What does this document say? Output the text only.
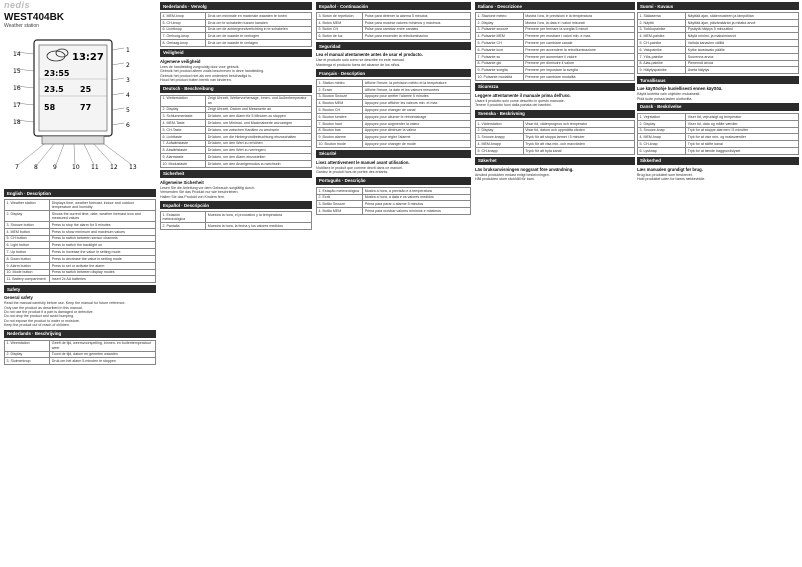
nedis
WEST404BK
Weather station
13:27
23:55
23.5 25
58	77
1
2
3
4
5
6
7	8	9	10 11 12 13
14
15
16
17
18
English · Description
1. Weather station	Displays time, weather forecast, indoor and outdoor temperature and humidity
2. Display	Shows the current time, date, weather forecast icon and measured values
3. Snooze button	Press to stop the alarm for 5 minutes
4. MEM button	Press to show minimum and maximum values
5. CH button	Press to switch between sensor channels
6. Light button	Press to switch the backlight on
7. Up button	Press to increase the value in setting mode
8. Down button	Press to decrease the value in setting mode
9. Alarm button	Press to set or activate the alarm
10. Mode button	Press to switch between display modes
11. Battery compartment	Insert 2x AA batteries
Safety

General safety

Read the manual carefully before use. Keep the manual for future reference.

Only use the product as described in this manual.

Do not use the product if a part is damaged or defective.

Do not drop the product and avoid bumping.

Do not expose the product to water or moisture.

Keep the product out of reach of children.

Nederlands · Beschrijving
1. Weerstation	Geeft de tijd, weersvoorspelling, binnen- en buitentemperatuur weer
2. Display	Toont de tijd, datum en gemeten waarden
3. Sluimerknop	Druk om het alarm 5 minuten te stoppen
Nederlands · Vervolg
4. MEM-knop	Druk om minimale en maximale waarden te tonen
5. CH-knop	Druk om te schakelen tussen kanalen
6. Lichtknop	Druk om de achtergrondverlichting in te schakelen
7. Omhoog-knop	Druk om de waarde te verhogen
8. Omlaag-knop	Druk om de waarde te verlagen
Veiligheid

Algemene veiligheid

Lees de handleiding zorgvuldig door voor gebruik.

Gebruik het product alleen zoals beschreven in deze handleiding.

Gebruik het product niet als een onderdeel beschadigd is.

Houd het product buiten bereik van kinderen.

Deutsch · Beschreibung
1. Wetterstation	Zeigt Uhrzeit, Wettervorhersage, Innen- und Außentemperatur an
2. Display	Zeigt Uhrzeit, Datum und Messwerte an
3. Schlummertaste	Drücken, um den Alarm für 5 Minuten zu stoppen
4. MEM-Taste	Drücken, um Minimal- und Maximalwerte anzuzeigen
5. CH-Taste	Drücken, um zwischen Kanälen zu wechseln
6. Lichttaste	Drücken, um die Hintergrundbeleuchtung einzuschalten
7. Aufwärtstaste	Drücken, um den Wert zu erhöhen
8. Abwärtstaste	Drücken, um den Wert zu verringern
9. Alarmtaste	Drücken, um den Alarm einzustellen
10. Modustaste	Drücken, um den Anzeigemodus zu wechseln
Sicherheit

Allgemeine Sicherheit

Lesen Sie die Anleitung vor dem Gebrauch sorgfältig durch.

Verwenden Sie das Produkt nur wie beschrieben.

Halten Sie das Produkt von Kindern fern.

Español · Descripción
1. Estación meteorológica	Muestra la hora, el pronóstico y la temperatura
2. Pantalla	Muestra la hora, la fecha y los valores medidos
Español · Continuación
3. Botón de repetición	Pulse para detener la alarma 5 minutos
4. Botón MEM	Pulse para mostrar valores mínimos y máximos
5. Botón CH	Pulse para cambiar entre canales
6. Botón de luz	Pulse para encender la retroiluminación
Seguridad

Lea el manual atentamente antes de usar el producto.

Use el producto solo como se describe en este manual.

Mantenga el producto fuera del alcance de los niños.

Français · Description
1. Station météo	Affiche l'heure, la prévision météo et la température
2. Écran	Affiche l'heure, la date et les valeurs mesurées
3. Bouton Snooze	Appuyez pour arrêter l'alarme 5 minutes
4. Bouton MEM	Appuyez pour afficher les valeurs min. et max.
5. Bouton CH	Appuyez pour changer de canal
6. Bouton lumière	Appuyez pour allumer le rétroéclairage
7. Bouton haut	Appuyez pour augmenter la valeur
8. Bouton bas	Appuyez pour diminuer la valeur
9. Bouton alarme	Appuyez pour régler l'alarme
10. Bouton mode	Appuyez pour changer de mode
Sécurité

Lisez attentivement le manuel avant utilisation.

N'utilisez le produit que comme décrit dans ce manuel.

Gardez le produit hors de portée des enfants.

Português · Descrição
1. Estação meteorológica	Mostra a hora, a previsão e a temperatura
2. Ecrã	Mostra a hora, a data e os valores medidos
3. Botão Snooze	Prima para parar o alarme 5 minutos
4. Botão MEM	Prima para mostrar valores mínimos e máximos
Italiano · Descrizione
1. Stazione meteo	Mostra l'ora, le previsioni e la temperatura
2. Display	Mostra l'ora, la data e i valori misurati
3. Pulsante snooze	Premere per fermare la sveglia 5 minuti
4. Pulsante MEM	Premere per mostrare i valori min. e max.
5. Pulsante CH	Premere per cambiare canale
6. Pulsante luce	Premere per accendere la retroilluminazione
7. Pulsante su	Premere per aumentare il valore
8. Pulsante giù	Premere per diminuire il valore
9. Pulsante sveglia	Premere per impostare la sveglia
10. Pulsante modalità	Premere per cambiare modalità
Sicurezza

Leggere attentamente il manuale prima dell'uso.

Usare il prodotto solo come descritto in questo manuale.

Tenere il prodotto fuori dalla portata dei bambini.

Svenska · Beskrivning
1. Väderstation	Visar tid, väderprognos och temperatur
2. Display	Visar tid, datum och uppmätta värden
3. Snooze-knapp	Tryck för att stoppa larmet i 5 minuter
4. MEM-knapp	Tryck för att visa min- och maxvärden
5. CH-knapp	Tryck för att byta kanal
Säkerhet

Läs bruksanvisningen noggrant före användning.

Använd produkten endast enligt beskrivningen.

Håll produkten utom räckhåll för barn.

Suomi · Kuvaus
1. Sääasema	Näyttää ajan, sääennusteen ja lämpötilan
2. Näyttö	Näyttää ajan, päivämäärän ja mitatut arvot
3. Torkkupainike	Pysäytä hälytys 5 minuutiksi
4. MEM-painike	Näytä minimi- ja maksimiarvot
5. CH-painike	Vaihda kanavien välillä
6. Valopainike	Kytke taustavalo päälle
7. Ylös-painike	Suurenna arvoa
8. Alas-painike	Pienennä arvoa
9. Hälytyspainike	Aseta hälytys
Turvallisuus

Lue käyttöohje huolellisesti ennen käyttöä.

Käytä tuotetta vain ohjeiden mukaisesti.

Pidä tuote poissa lasten ulottuvilta.

Dansk · Beskrivelse
1. Vejrstation	Viser tid, vejrudsigt og temperatur
2. Display	Viser tid, dato og målte værdier
3. Snooze-knap	Tryk for at stoppe alarmen i 5 minutter
4. MEM-knap	Tryk for at vise min- og maksværdier
5. CH-knap	Tryk for at skifte kanal
6. Lysknap	Tryk for at tænde baggrundslyset
Sikkerhed

Læs manualen grundigt før brug.

Brug kun produktet som beskrevet.

Hold produktet uden for børns rækkevidde.
